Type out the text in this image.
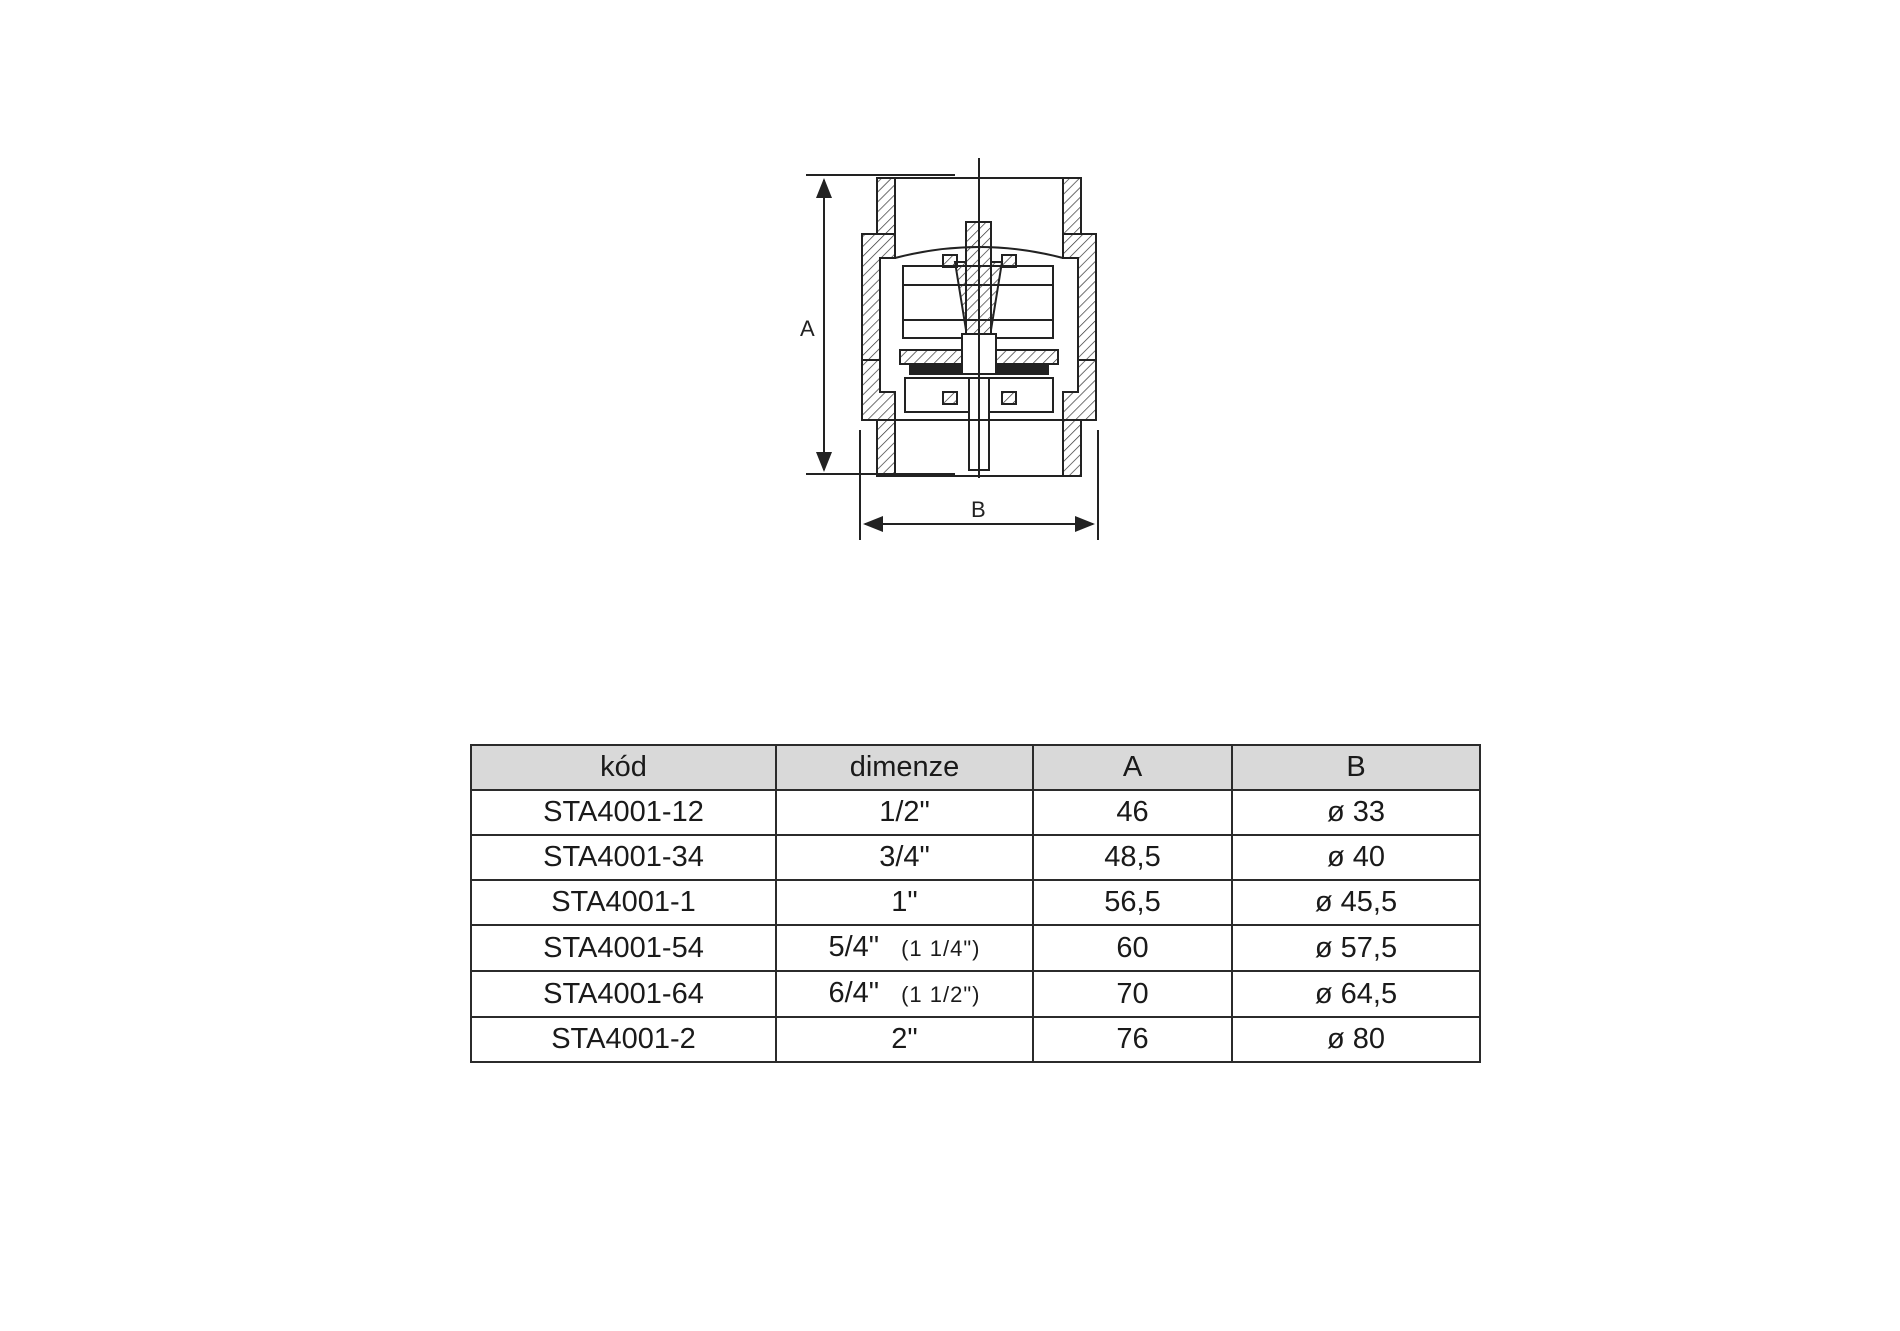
A
B
kód	dimenze	A	B
STA4001-12	1/2"	46	ø 33
STA4001-34	3/4"	48,5	ø 40
STA4001-1	1"	56,5	ø 45,5
STA4001-54	5/4" (1 1/4")	60	ø 57,5
STA4001-64	6/4" (1 1/2")	70	ø 64,5
STA4001-2	2"	76	ø 80
